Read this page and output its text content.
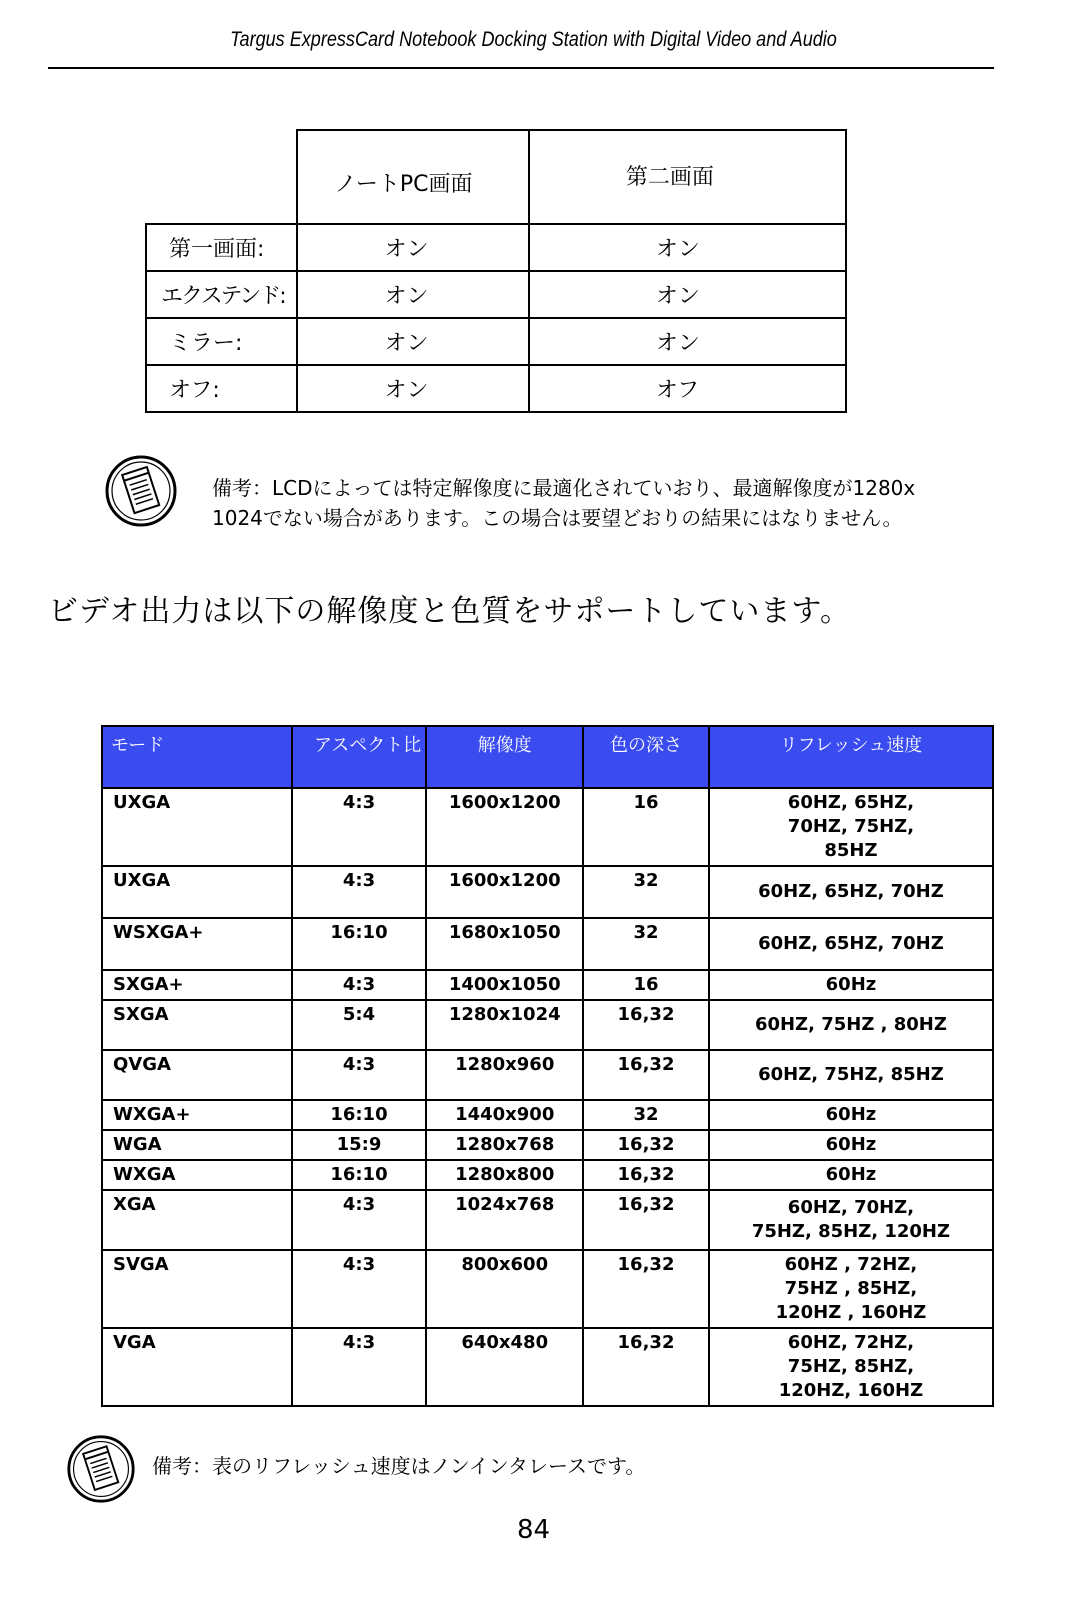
Targus ExpressCard Notebook Docking Station with Digital Video and Audio
	ノートPC画面	第二画面
第一画面:	オン	オン
エクステンド:	オン	オン
ミラー:	オン	オン
オフ:	オン	オフ
備考：LCDによっては特定解像度に最適化されていおり、最適解像度が1280x
1024でない場合があります。この場合は要望どおりの結果にはなりません。
ビデオ出力は以下の解像度と色質をサポートしています。
モード	アスペクト比	解像度	色の深さ	リフレッシュ速度
UXGA	4:3	1600x1200	16	60HZ, 65HZ,
70HZ, 75HZ,
85HZ

UXGA	4:3	1600x1200	32	60HZ, 65HZ, 70HZ

WSXGA+	16:10	1680x1050	32	60HZ, 65HZ, 70HZ

SXGA+	4:3	1400x1050	16	60Hz

SXGA	5:4	1280x1024	16,32	60HZ, 75HZ , 80HZ

QVGA	4:3	1280x960	16,32	60HZ, 75HZ, 85HZ

WXGA+	16:10	1440x900	32	60Hz

WGA	15:9	1280x768	16,32	60Hz

WXGA	16:10	1280x800	16,32	60Hz

XGA	4:3	1024x768	16,32	60HZ, 70HZ,
75HZ, 85HZ, 120HZ

SVGA	4:3	800x600	16,32	60HZ , 72HZ,
75HZ , 85HZ,
120HZ , 160HZ

VGA	4:3	640x480	16,32	60HZ, 72HZ,
75HZ, 85HZ,
120HZ, 160HZ
備考：表のリフレッシュ速度はノンインタレースです。
84
